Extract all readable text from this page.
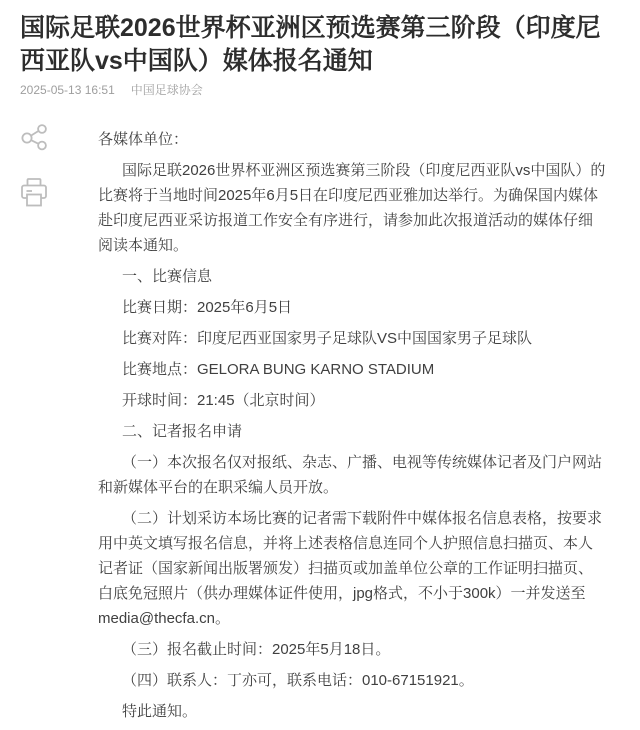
国际足联2026世界杯亚洲区预选赛第三阶段（印度尼西亚队vs中国队）媒体报名通知
2025-05-13 16:51 中国足球协会

各媒体单位：

国际足联2026世界杯亚洲区预选赛第三阶段（印度尼西亚队vs中国队）的比赛将于当地时间2025年6月5日在印度尼西亚雅加达举行。为确保国内媒体赴印度尼西亚采访报道工作安全有序进行，请参加此次报道活动的媒体仔细阅读本通知。

一、比赛信息

比赛日期：2025年6月5日

比赛对阵：印度尼西亚国家男子足球队VS中国国家男子足球队

比赛地点：GELORA BUNG KARNO STADIUM

开球时间：21:45（北京时间）

二、记者报名申请

（一）本次报名仅对报纸、杂志、广播、电视等传统媒体记者及门户网站和新媒体平台的在职采编人员开放。

（二）计划采访本场比赛的记者需下载附件中媒体报名信息表格，按要求用中英文填写报名信息，并将上述表格信息连同个人护照信息扫描页、本人记者证（国家新闻出版署颁发）扫描页或加盖单位公章的工作证明扫描页、白底免冠照片（供办理媒体证件使用，jpg格式，不小于300k）一并发送至media@thecfa.cn。

（三）报名截止时间：2025年5月18日。

（四）联系人：丁亦可，联系电话：010-67151921。

特此通知。
